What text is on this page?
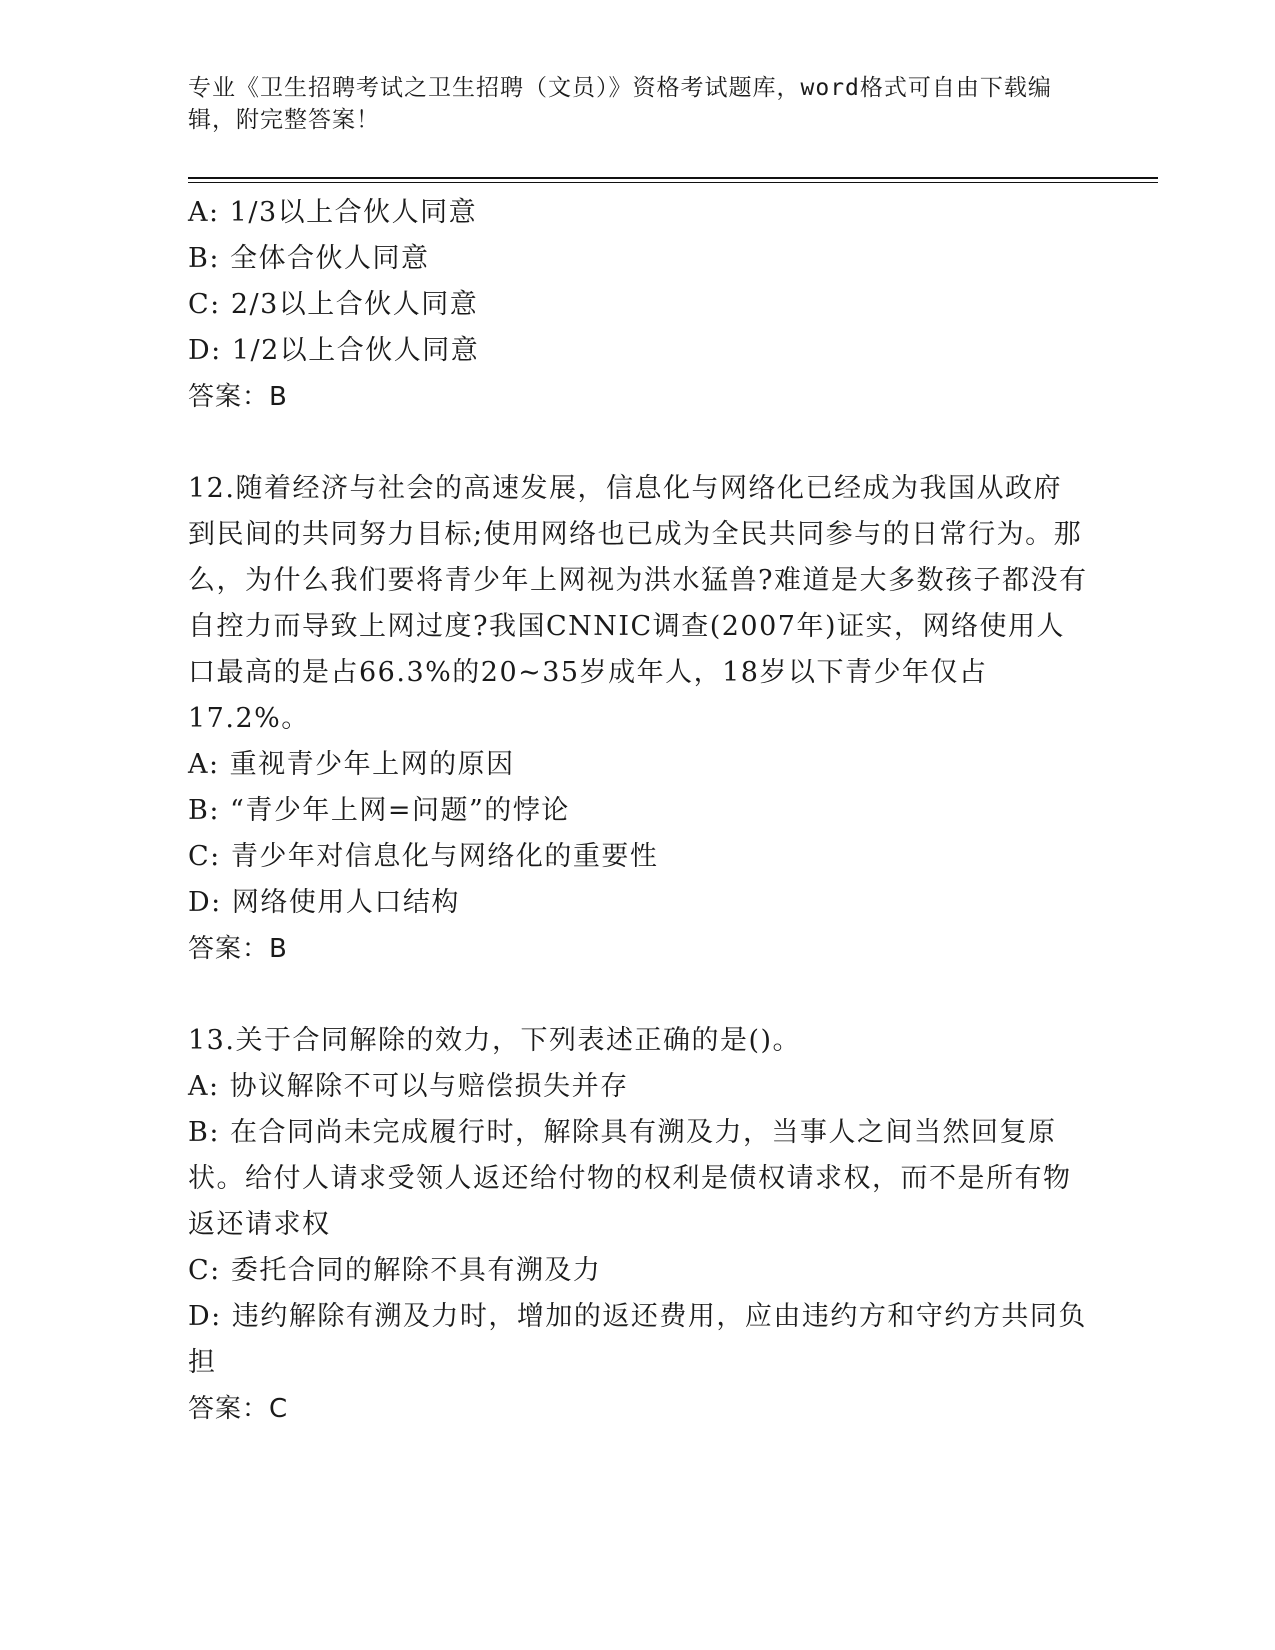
专业《卫生招聘考试之卫生招聘（文员）》资格考试题库，word格式可自由下载编辑，附完整答案！

A: 1/3以上合伙人同意

B: 全体合伙人同意

C: 2/3以上合伙人同意

D: 1/2以上合伙人同意

答案：B

12.随着经济与社会的高速发展，信息化与网络化已经成为我国从政府到民间的共同努力目标;使用网络也已成为全民共同参与的日常行为。那么，为什么我们要将青少年上网视为洪水猛兽?难道是大多数孩子都没有自控力而导致上网过度?我国CNNIC调查(2007年)证实，网络使用人口最高的是占66.3%的20~35岁成年人，18岁以下青少年仅占17.2%。

A: 重视青少年上网的原因

B: “青少年上网=问题”的悖论

C: 青少年对信息化与网络化的重要性

D: 网络使用人口结构

答案：B

13.关于合同解除的效力，下列表述正确的是()。

A: 协议解除不可以与赔偿损失并存

B: 在合同尚未完成履行时，解除具有溯及力，当事人之间当然回复原状。给付人请求受领人返还给付物的权利是债权请求权，而不是所有物返还请求权

C: 委托合同的解除不具有溯及力

D: 违约解除有溯及力时，增加的返还费用，应由违约方和守约方共同负担

答案：C
